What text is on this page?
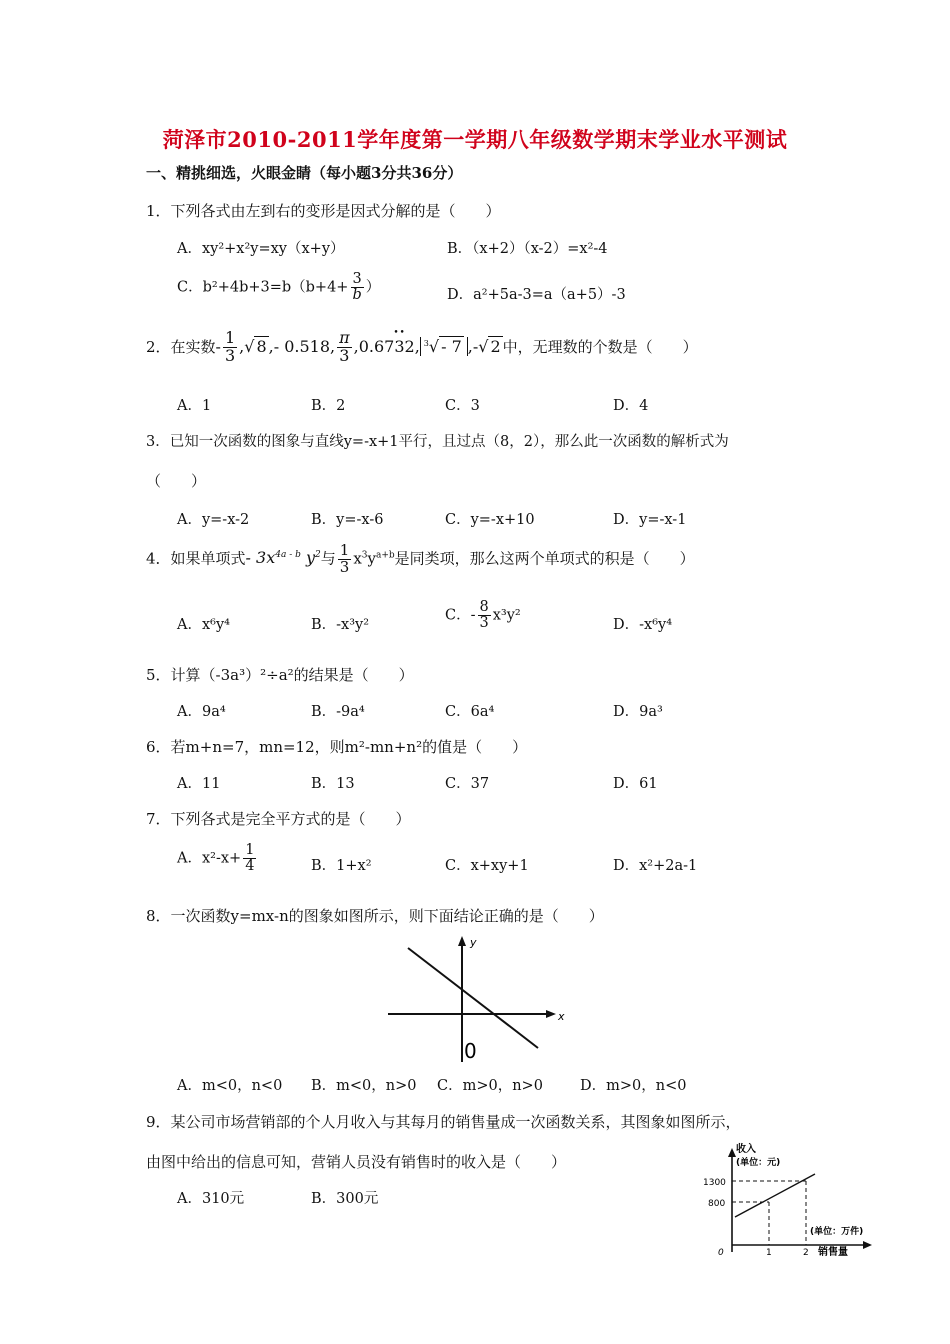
菏泽市2010-2011学年度第一学期八年级数学期末学业水平测试
一、精挑细选，火眼金睛（每小题3分共36分）
1．下列各式由左到右的变形是因式分解的是（　　）
A．xy²+x²y=xy（x+y）	B．（x+2）（x-2）=x²-4
C．$b^2+4b+3=b(b+4+ \frac{3}{b}$ ）	D．a²+5a-3=a（a+5）-3
2．在实数- $\frac{1}{3}$ ,√ 8 ,- 0.518, $\frac{\pi}{3}$ ,0.67• • 32, $^3$√ - 7 ,-√ 2 中，无理数的个数是（　　）
A．1	B．2	C．3	D．4
3．已知一次函数的图象与直线y=-x+1平行，且过点（8，2），那么此一次函数的解析式为
（　　）
A．y=-x-2	B．y=-x-6	C．y=-x+10	D．y=-x-1
4．如果单项式- $3x^{4a - b}$ $y^2$与 $\frac{1}{3} x^3y^{a+b}$是同类项，那么这两个单项式的积是（　　）
A．x⁶y⁴	B．-x³y²
C．- $\frac{8}{3} x^3y^2$
D．-x⁶y⁴
5．计算（-3a³）²÷a²的结果是（　　）
A．9a⁴	B．-9a⁴	C．6a⁴	D．9a³
6．若m+n=7，mn=12，则m²-mn+n²的值是（　　）
A．11	B．13	C．37	D．61
7．下列各式是完全平方式的是（　　）
A．$x^2-x+ \frac{1}{4}$	B．1+x²	C．x+xy+1	D．x²+2a-1
8．一次函数y=mx-n的图象如图所示，则下面结论正确的是（　　）
x
y
0
A．m<0，n<0 B．m<0，n>0 C．m>0，n>0	D．m>0，n<0
9．某公司市场营销部的个人月收入与其每月的销售量成一次函数关系，其图象如图所示，
由图中给出的信息可知，营销人员没有销售时的收入是（　　）
A．310元	B．300元
收入
(单位：元)
1300
800
(单位：万件)
0	1	2 销售量
